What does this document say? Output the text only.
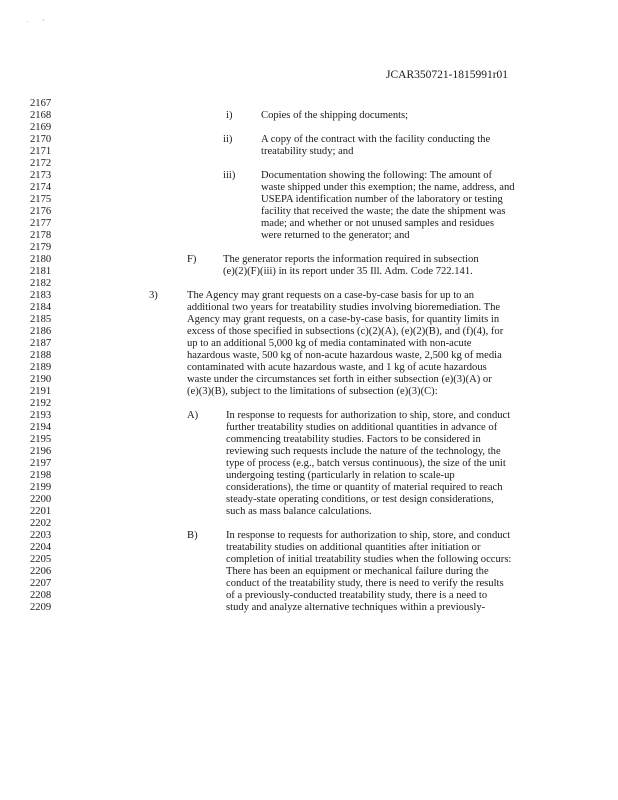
· ‘
JCAR350721-1815991r01
2167
2168
2169
2170
2171
2172
2173
2174
2175
2176
2177
2178
2179
2180
2181
2182
2183
2184
2185
2186
2187
2188
2189
2190
2191
2192
2193
2194
2195
2196
2197
2198
2199
2200
2201
2202
2203
2204
2205
2206
2207
2208
2209
i)	Copies of the shipping documents;
ii)	A copy of the contract with the facility conducting the
treatability study; and
iii) Documentation showing the following: The amount of
waste shipped under this exemption; the name, address, and
USEPA identification number of the laboratory or testing
facility that received the waste; the date the shipment was
made; and whether or not unused samples and residues
were returned to the generator; and
F)	The generator reports the information required in subsection
(e)(2)(F)(iii) in its report under 35 Ill. Adm. Code 722.141.
3)	The Agency may grant requests on a case-by-case basis for up to an
additional two years for treatability studies involving bioremediation. The
Agency may grant requests, on a case-by-case basis, for quantity limits in
excess of those specified in subsections (c)(2)(A), (e)(2)(B), and (f)(4), for
up to an additional 5,000 kg of media contaminated with non-acute
hazardous waste, 500 kg of non-acute hazardous waste, 2,500 kg of media
contaminated with acute hazardous waste, and 1 kg of acute hazardous
waste under the circumstances set forth in either subsection (e)(3)(A) or
(e)(3)(B), subject to the limitations of subsection (e)(3)(C):
A)	In response to requests for authorization to ship, store, and conduct
further treatability studies on additional quantities in advance of
commencing treatability studies. Factors to be considered in
reviewing such requests include the nature of the technology, the
type of process (e.g., batch versus continuous), the size of the unit
undergoing testing (particularly in relation to scale-up
considerations), the time or quantity of material required to reach
steady-state operating conditions, or test design considerations,
such as mass balance calculations.
B)	In response to requests for authorization to ship, store, and conduct
treatability studies on additional quantities after initiation or
completion of initial treatability studies when the following occurs:
There has been an equipment or mechanical failure during the
conduct of the treatability study, there is need to verify the results
of a previously-conducted treatability study, there is a need to
study and analyze alternative techniques within a previously-
